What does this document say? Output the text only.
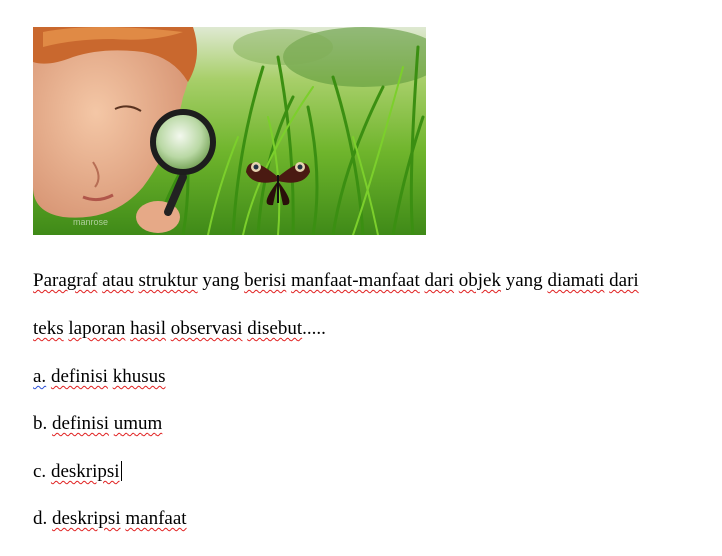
manrose
Paragraf atau struktur yang berisi manfaat-manfaat dari objek yang diamati dari
teks laporan hasil observasi disebut.....
a. definisi khusus
b. definisi umum
c. deskripsi
d. deskripsi manfaat
